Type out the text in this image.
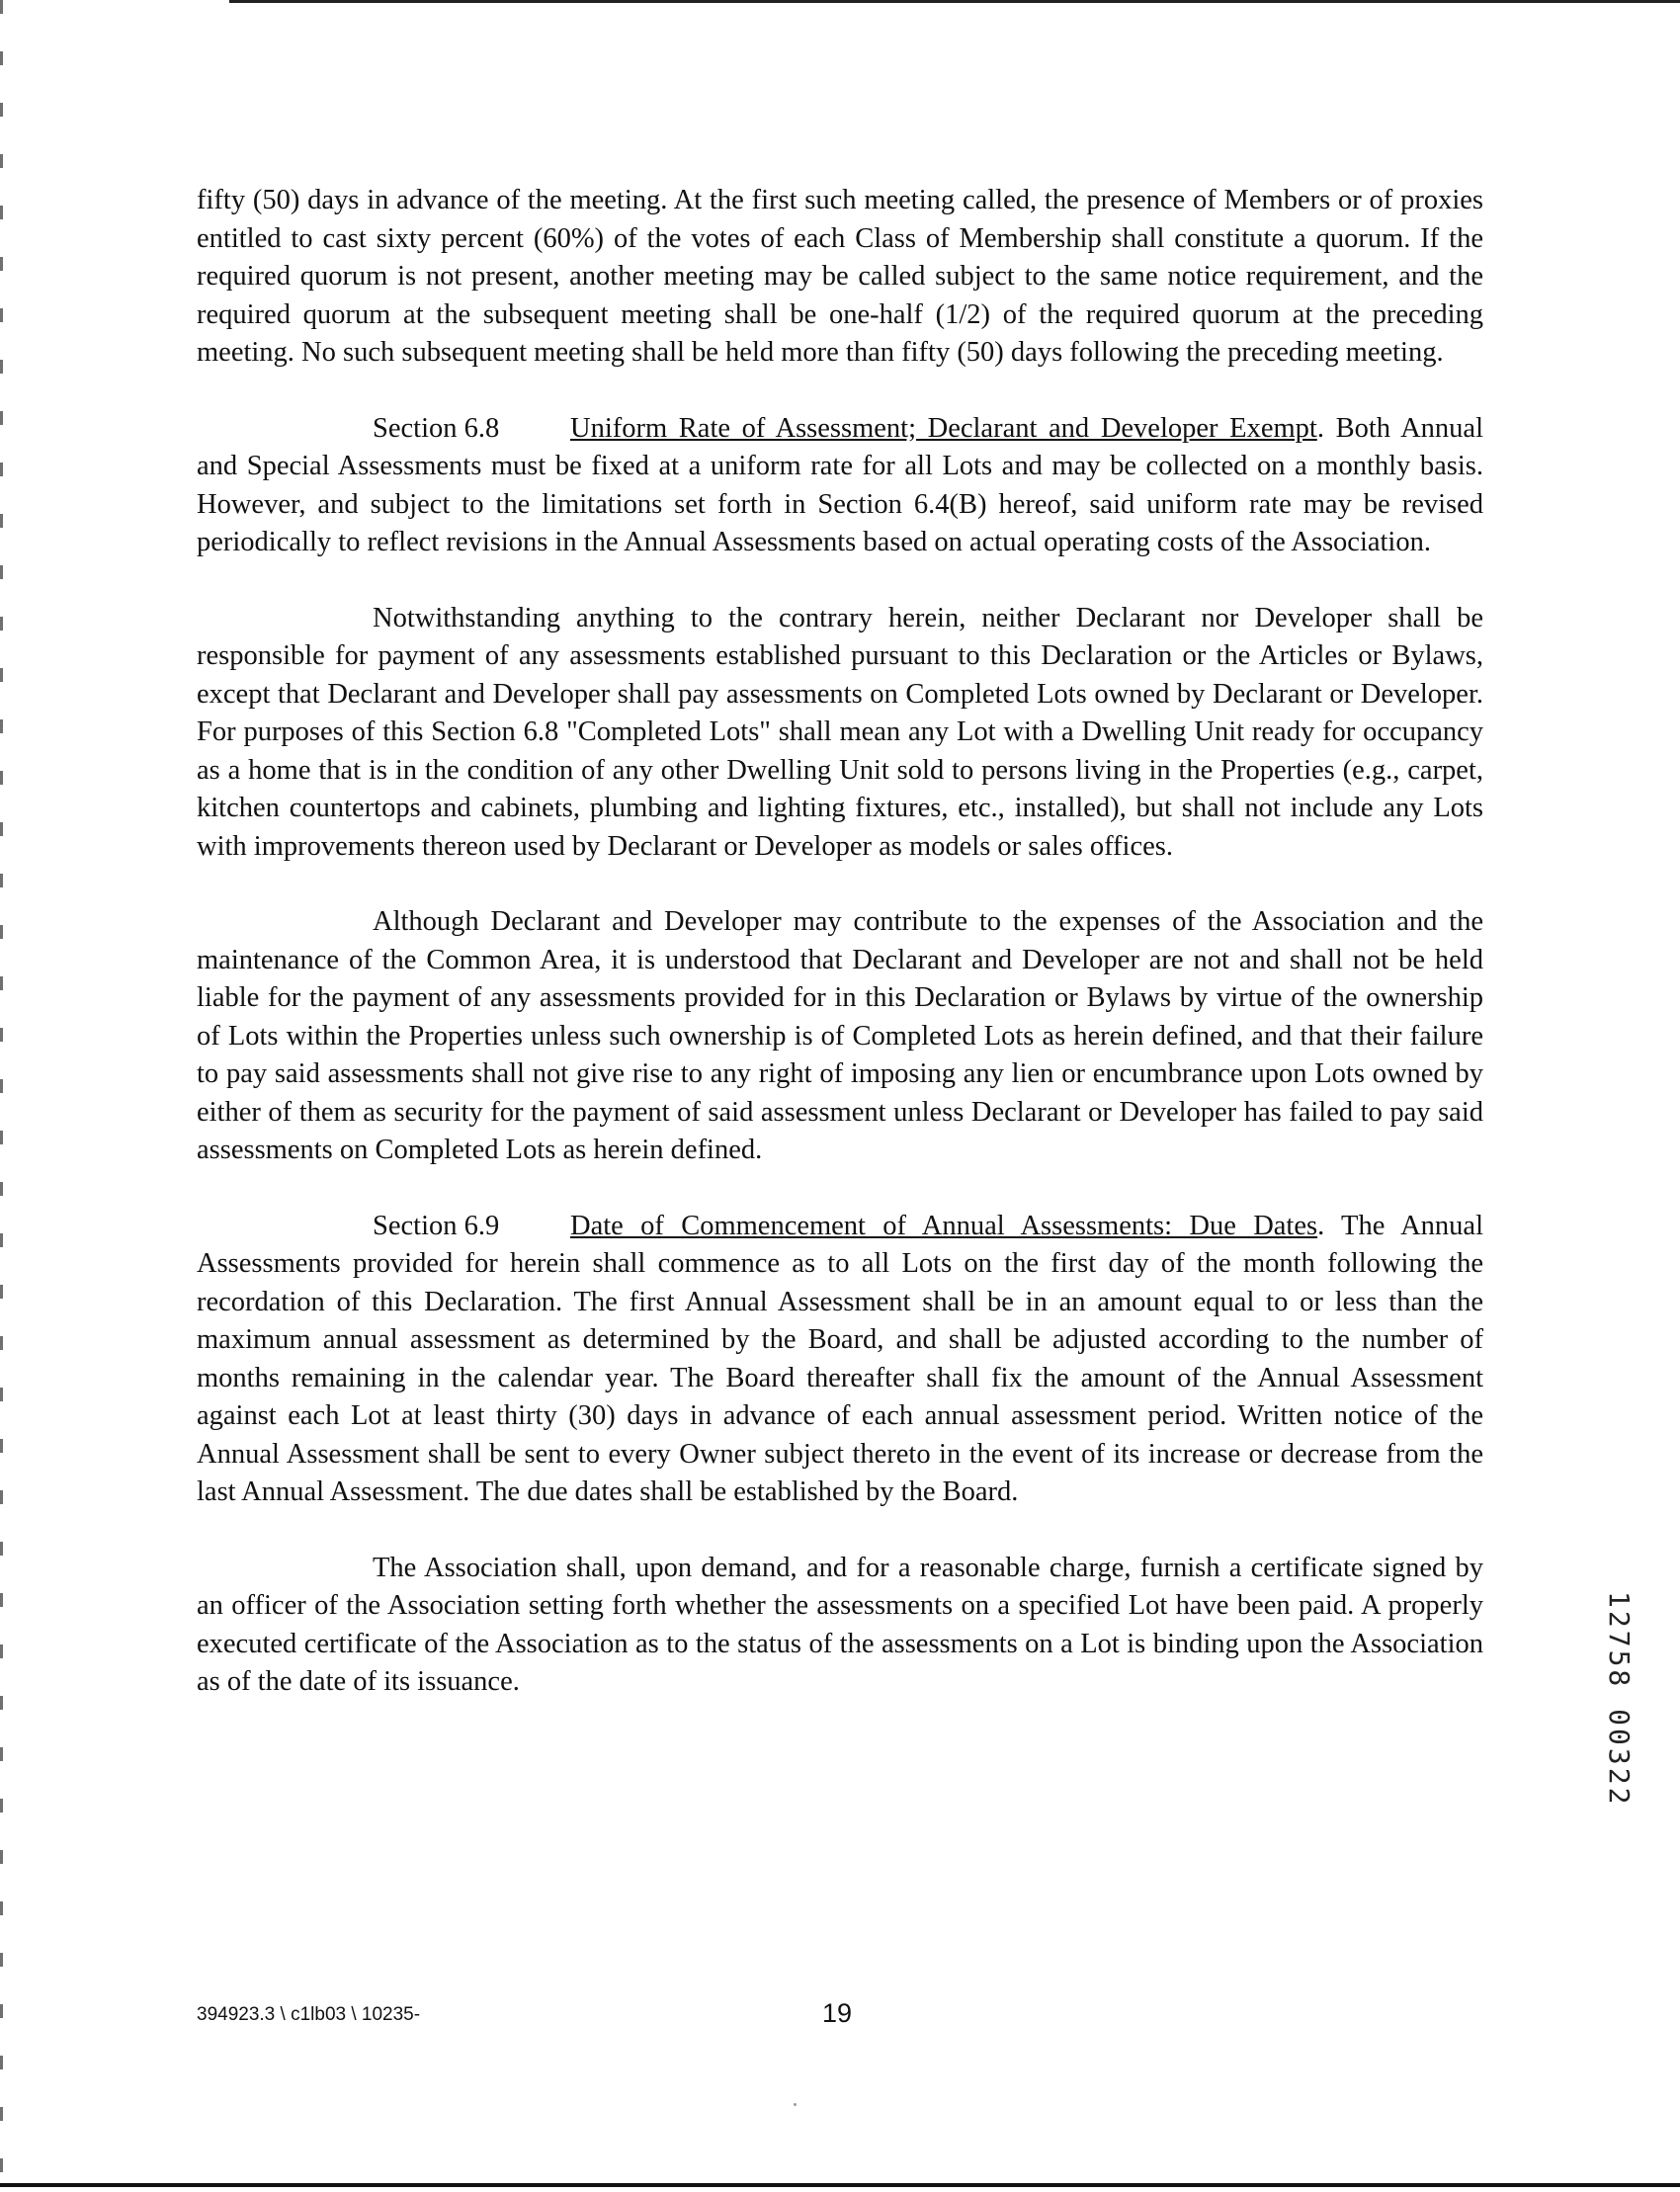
fifty (50) days in advance of the meeting. At the first such meeting called, the presence of Members or of proxies entitled to cast sixty percent (60%) of the votes of each Class of Membership shall constitute a quorum. If the required quorum is not present, another meeting may be called subject to the same notice requirement, and the required quorum at the subsequent meeting shall be one-half (1/2) of the required quorum at the preceding meeting. No such subsequent meeting shall be held more than fifty (50) days following the preceding meeting.

Section 6.8	Uniform Rate of Assessment; Declarant and Developer Exempt. Both Annual and Special Assessments must be fixed at a uniform rate for all Lots and may be collected on a monthly basis. However, and subject to the limitations set forth in Section 6.4(B) hereof, said uniform rate may be revised periodically to reflect revisions in the Annual Assessments based on actual operating costs of the Association.

Notwithstanding anything to the contrary herein, neither Declarant nor Developer shall be responsible for payment of any assessments established pursuant to this Declaration or the Articles or Bylaws, except that Declarant and Developer shall pay assessments on Completed Lots owned by Declarant or Developer. For purposes of this Section 6.8 "Completed Lots" shall mean any Lot with a Dwelling Unit ready for occupancy as a home that is in the condition of any other Dwelling Unit sold to persons living in the Properties (e.g., carpet, kitchen countertops and cabinets, plumbing and lighting fixtures, etc., installed), but shall not include any Lots with improvements thereon used by Declarant or Developer as models or sales offices.

Although Declarant and Developer may contribute to the expenses of the Association and the maintenance of the Common Area, it is understood that Declarant and Developer are not and shall not be held liable for the payment of any assessments provided for in this Declaration or Bylaws by virtue of the ownership of Lots within the Properties unless such ownership is of Completed Lots as herein defined, and that their failure to pay said assessments shall not give rise to any right of imposing any lien or encumbrance upon Lots owned by either of them as security for the payment of said assessment unless Declarant or Developer has failed to pay said assessments on Completed Lots as herein defined.

Section 6.9	Date of Commencement of Annual Assessments: Due Dates. The Annual Assessments provided for herein shall commence as to all Lots on the first day of the month following the recordation of this Declaration. The first Annual Assessment shall be in an amount equal to or less than the maximum annual assessment as determined by the Board, and shall be adjusted according to the number of months remaining in the calendar year. The Board thereafter shall fix the amount of the Annual Assessment against each Lot at least thirty (30) days in advance of each annual assessment period. Written notice of the Annual Assessment shall be sent to every Owner subject thereto in the event of its increase or decrease from the last Annual Assessment. The due dates shall be established by the Board.

The Association shall, upon demand, and for a reasonable charge, furnish a certificate signed by an officer of the Association setting forth whether the assessments on a specified Lot have been paid. A properly executed certificate of the Association as to the status of the assessments on a Lot is binding upon the Association as of the date of its issuance.	12758 00322
394923.3 \ c1lb03 \ 10235-	19
